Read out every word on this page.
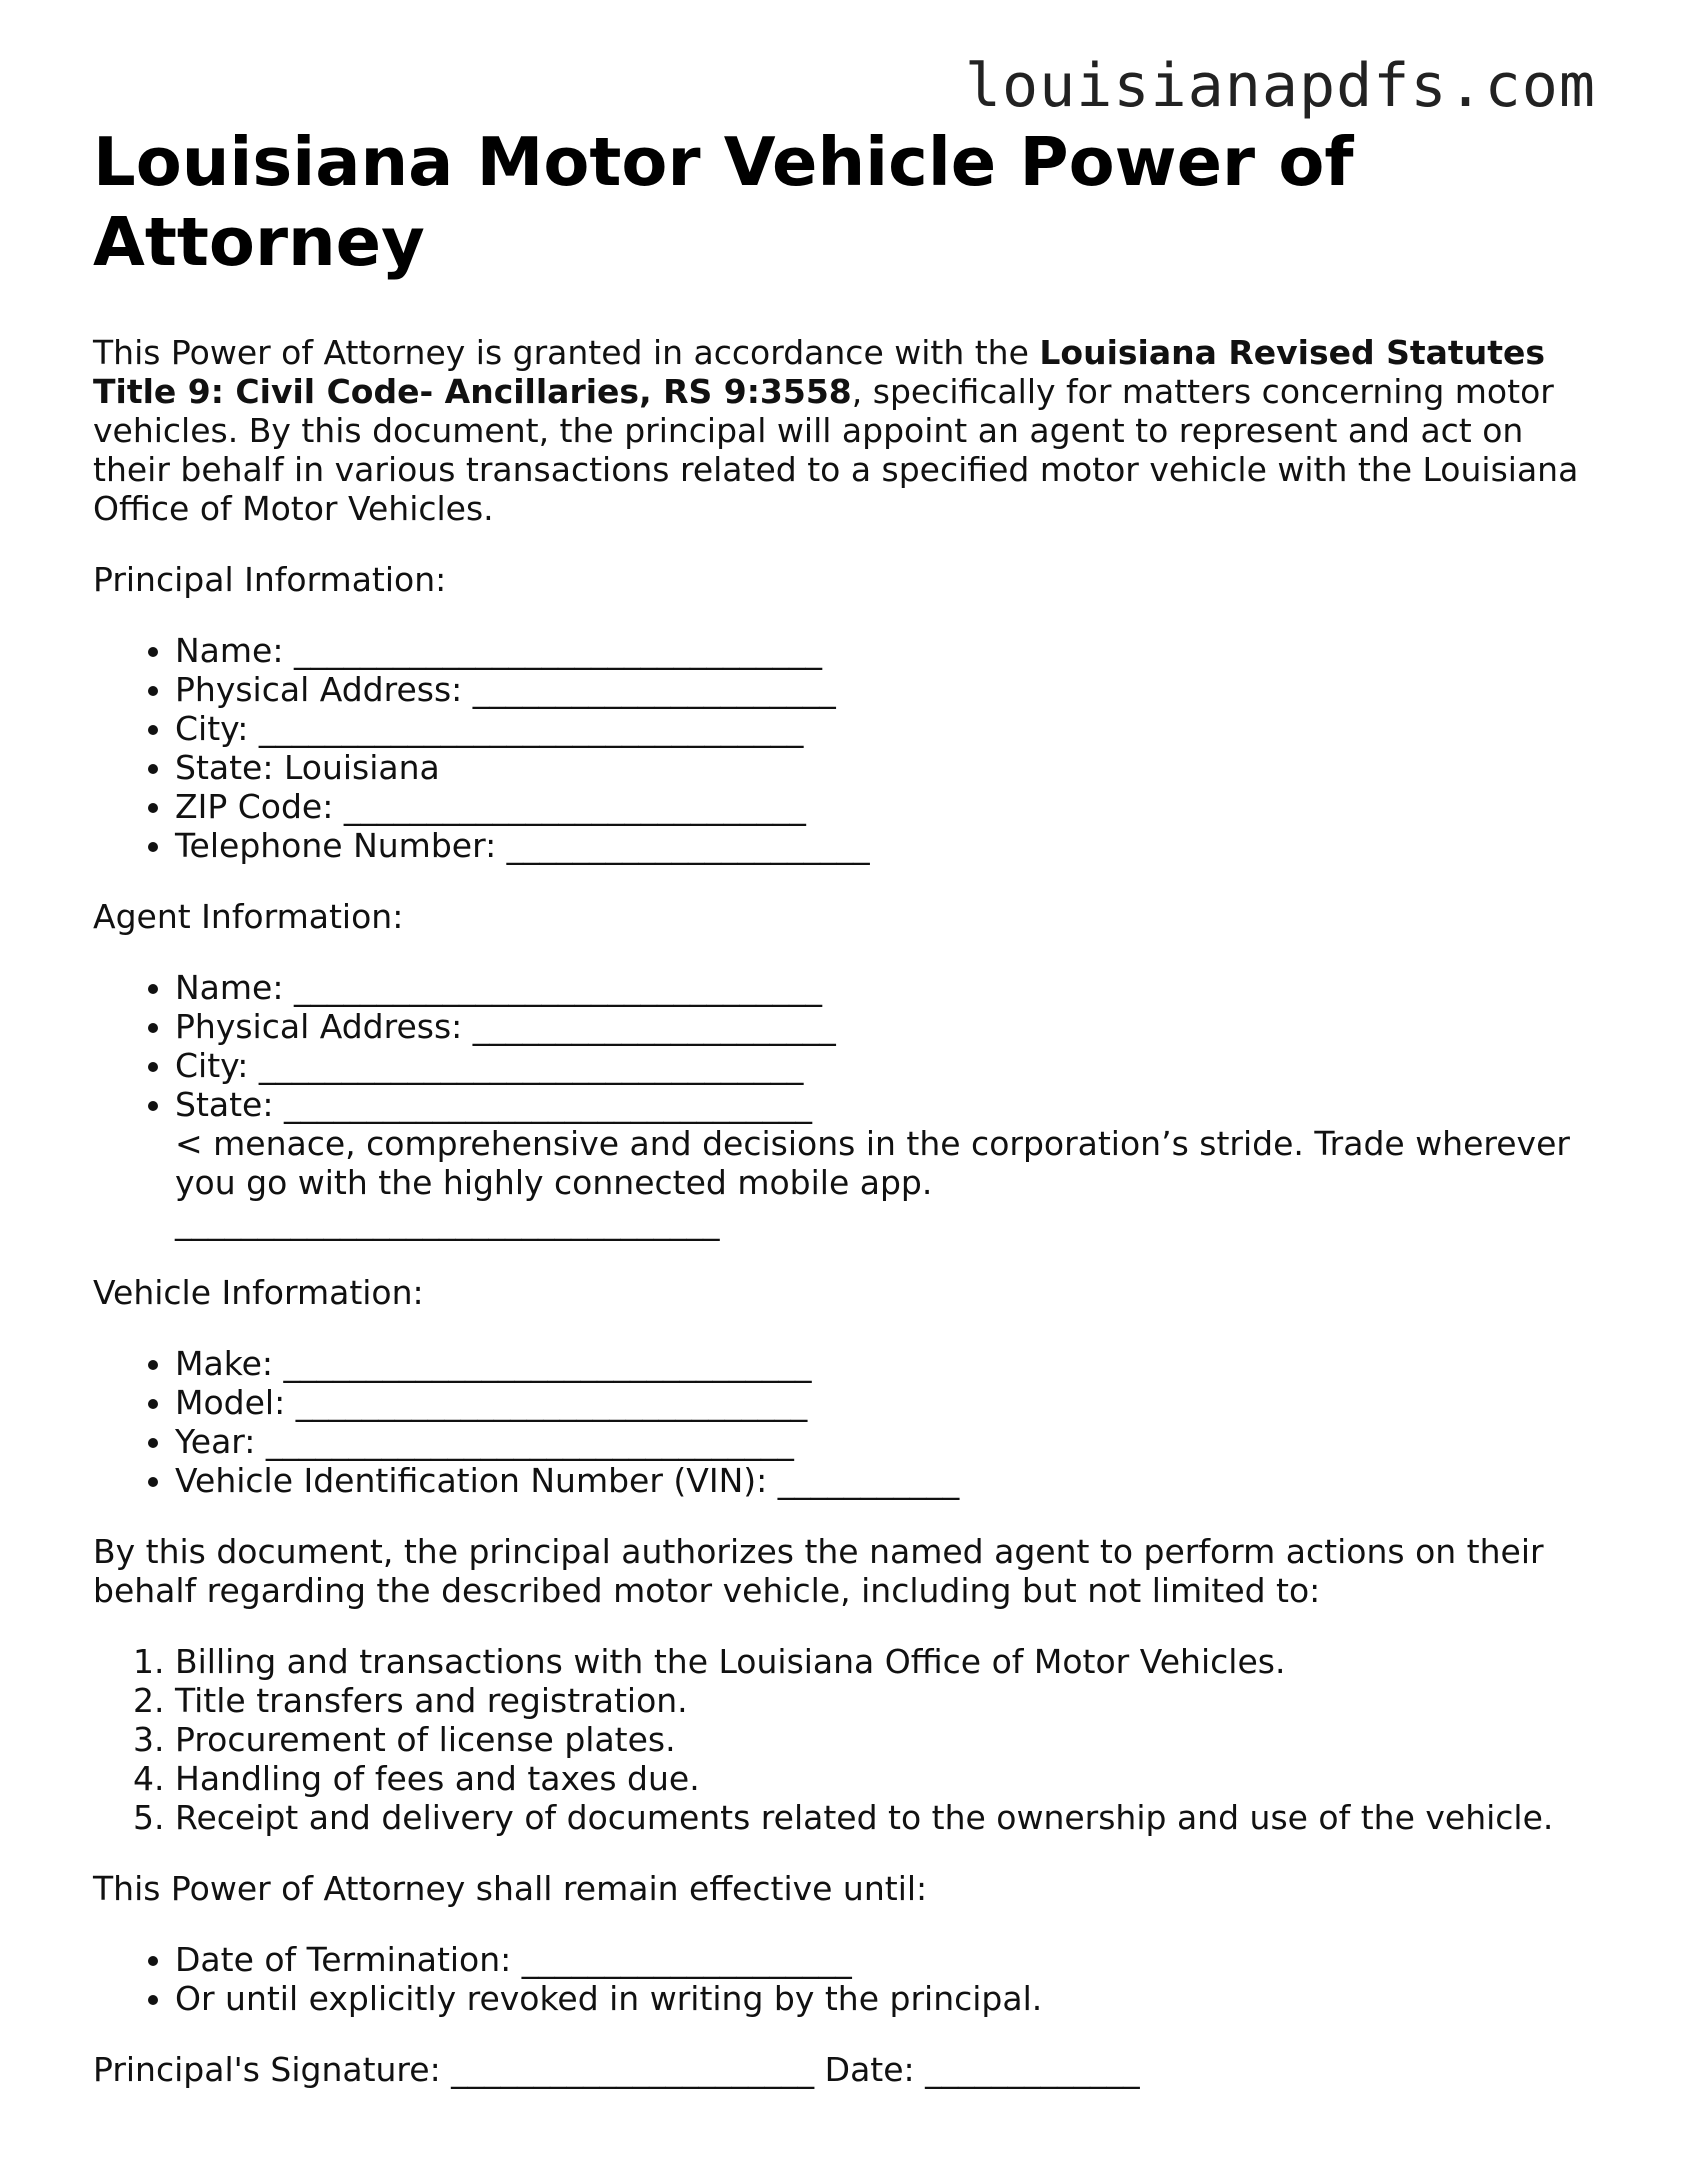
louisianapdfs.com
Louisiana Motor Vehicle Power of Attorney

This Power of Attorney is granted in accordance with the Louisiana Revised Statutes Title 9: Civil Code- Ancillaries, RS 9:3558, specifically for matters concerning motor vehicles. By this document, the principal will appoint an agent to represent and act on their behalf in various transactions related to a specified motor vehicle with the Louisiana Office of Motor Vehicles.

Principal Information:
• Name: ________________________________
• Physical Address: ______________________
• City: _________________________________
• State: Louisiana
• ZIP Code: ____________________________
• Telephone Number: ______________________
Agent Information:
• Name: ________________________________
• Physical Address: ______________________
• City: _________________________________
• State: ________________________________
< menace, comprehensive and decisions in the corporation’s stride. Trade wherever you go with the highly connected mobile app.
_________________________________
Vehicle Information:
• Make: ________________________________
• Model: _______________________________
• Year: ________________________________
• Vehicle Identification Number (VIN): ___________
By this document, the principal authorizes the named agent to perform actions on their behalf regarding the described motor vehicle, including but not limited to:
1. Billing and transactions with the Louisiana Office of Motor Vehicles.
2. Title transfers and registration.
3. Procurement of license plates.
4. Handling of fees and taxes due.
5. Receipt and delivery of documents related to the ownership and use of the vehicle.
This Power of Attorney shall remain effective until:
• Date of Termination: ____________________
• Or until explicitly revoked in writing by the principal.
Principal's Signature: ______________________ Date: _____________
